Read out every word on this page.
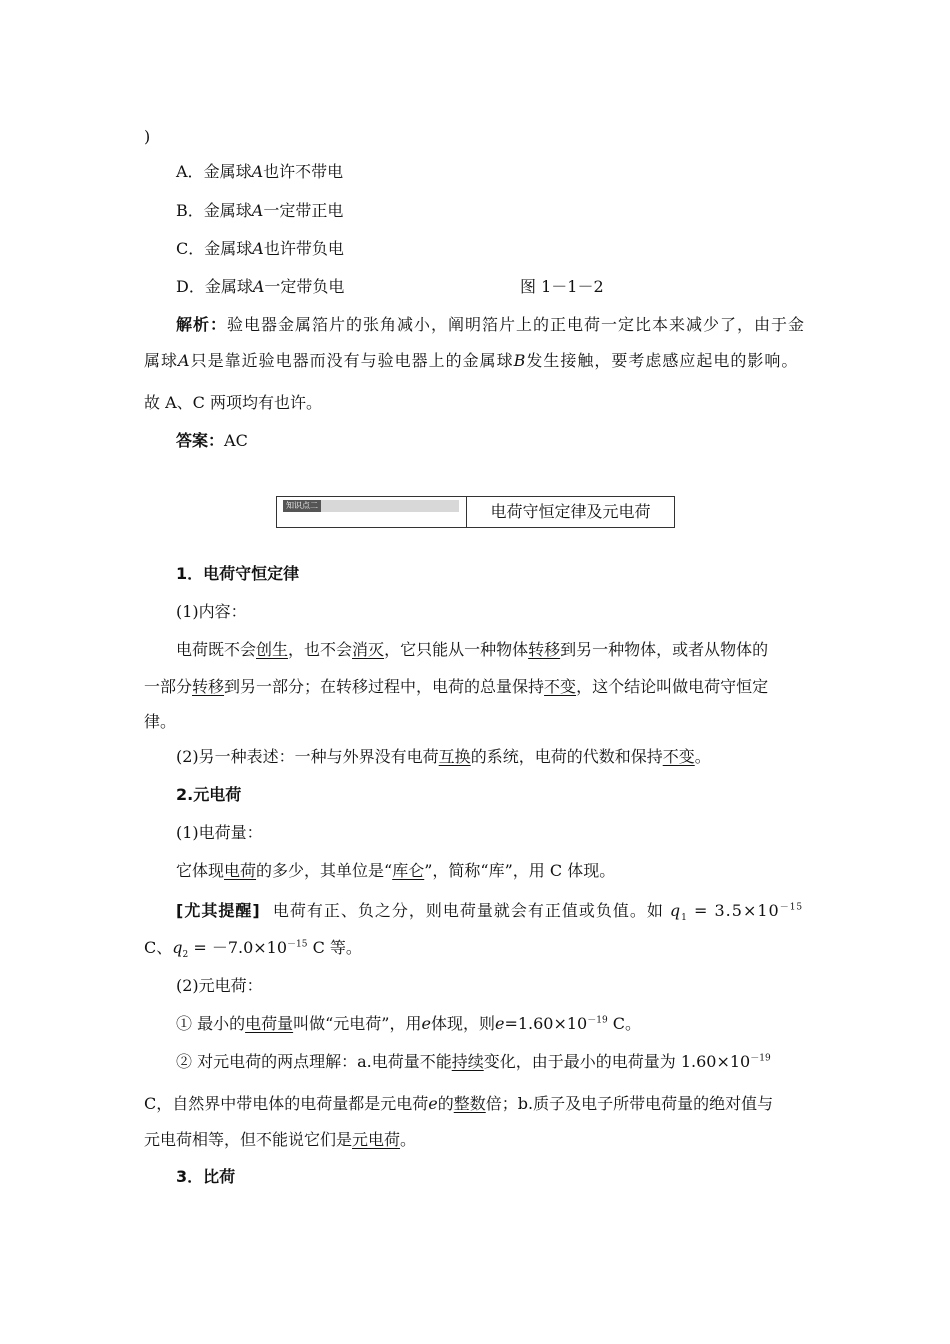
)
A．金属球A也许不带电
B．金属球A一定带正电
C．金属球A也许带负电
D．金属球A一定带负电	图 1－1－2
解析：验电器金属箔片的张角减小，阐明箔片上的正电荷一定比本来减少了，由于金
属球A只是靠近验电器而没有与验电器上的金属球B发生接触，要考虑感应起电的影响。
故 A、C 两项均有也许。
答案：AC
知识点二	电荷守恒定律及元电荷
1．电荷守恒定律
(1)内容：
电荷既不会创生，也不会消灭，它只能从一种物体转移到另一种物体，或者从物体的
一部分转移到另一部分；在转移过程中，电荷的总量保持不变，这个结论叫做电荷守恒定
律。
(2)另一种表述：一种与外界没有电荷互换的系统，电荷的代数和保持不变。
2.元电荷
(1)电荷量：
它体现电荷的多少，其单位是“库仑”，简称“库”，用 C 体现。
[尤其提醒] 电荷有正、负之分，则电荷量就会有正值或负值。如 $q_1 = 3.5\times 10^{-15}$
C、$q_2 = -7.0\times 10^{-15}$ C 等。
(2)元电荷：
① 最小的电荷量叫做“元电荷”，用e体现，则$e=1.60\times 10^{-19}$ C。
② 对元电荷的两点理解：a.电荷量不能持续变化，由于最小的电荷量为 $1.60\times 10^{-19}$
C，自然界中带电体的电荷量都是元电荷e的整数倍；b.质子及电子所带电荷量的绝对值与
元电荷相等，但不能说它们是元电荷。
3．比荷
